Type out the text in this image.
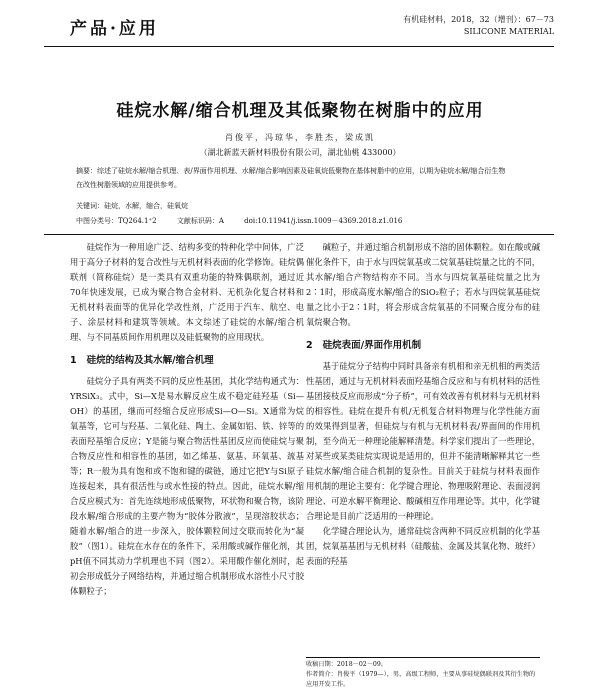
产品·应用	有机硅材料，2018，32（增刊）：67－73
SILICONE MATERIAL
硅烷水解/缩合机理及其低聚物在树脂中的应用
肖俊平，冯琼华，李胜杰，梁成凯
（湖北新蓝天新材料股份有限公司，湖北仙桃 433000）
摘要：综述了硅烷水解/缩合机理、表/界面作用机理、水解/缩合影响因素及硅氧烷低聚物在基体树脂中的应用，以期为硅烷水解/缩合衍生物在改性树脂领域的应用提供参考。
关键词：硅烷，水解，缩合，硅氧烷
中图分类号：TQ264.1⁺2	文献标识码：A	doi:10.11941/j.issn.1009－4369.2018.z1.016

硅烷作为一种用途广泛、结构多变的特种化学中间体，广泛用于高分子材料的复合改性与无机材料表面的化学修饰。硅烷偶联剂（简称硅烷）是一类具有双重功能的特殊偶联剂，通过近70年快速发展，已成为聚合物合金材料、无机杂化复合材料和无机材料表面等的优异化学改性剂，广泛用于汽车、航空、电子、涂层材料和建筑等领域。本文综述了硅烷的水解/缩合机理、与不同基质间作用机理以及硅低聚物的应用现状。

1 硅烷的结构及其水解/缩合机理

硅烷分子具有两类不同的反应性基团，其化学结构通式为：YRSiX₃。式中，Si—X是易水解反应生成不稳定硅羟基（Si—OH）的基团，继而可经缩合反应形成Si—O—Si。X通常为烷氧基等，它可与羟基、二氧化硅、陶土、金属如铝、铁、锌等的表面羟基缩合反应；Y是能与聚合物活性基团反应而使硅烷与聚合物反应性和相容性的基团，如乙烯基、氨基、环氧基、巯基等；R一般为具有饱和或不饱和键的碳链，通过它把Y与Si原子连接起来，具有很活性与或水性接的特点。因此，硅烷水解/缩合反应模式为：首先连续地形成低聚物，环状物和聚合物，该阶段水解/缩合形成的主要产物为“胶体分散液”，呈现溶胶状态；随着水解/缩合的进一步深入，胶体颗粒间过交联而转化为“凝胶”（图1）。硅烷在水存在的条件下，采用酸或碱作催化剂，其pH值不同其动力学机理也不同（图2）。采用酸作催化剂时，起初会形成低分子网络结构，并通过缩合机制形成水溶性小尺寸胶体颗粒子；

碱粒子，并通过缩合机制形成不溶的固体颗粒。如在酸或碱催化条件下，由于水与四烷氧基或二烷氧基硅烷量之比的不同，其水解/缩合产物结构亦不同。当水与四烷氧基硅烷量之比为2∶1时，形成高度水解/缩合的SiO₂粒子；若水与四烷氧基硅烷量之比小于2∶1时，将会形成含烷氧基的不同聚合度分布的硅氧烷聚合物。

2 硅烷表面/界面作用机制

基于硅烷分子结构中同时具备亲有机相和亲无机相的两类活性基团，通过与无机材料表面羟基缩合反应和与有机材料的活性基团接枝反应而形成“分子桥”，可有效改善有机材料与无机材料的相容性。硅烷在提升有机/无机复合材料物理与化学性能方面的效果得到显著，但硅烷与有机与无机材料表/界面间的作用机制，至今尚无一种理论能解释清楚。科学家们提出了一些理论，对某些或某类硅烷实现说是适用的，但并不能清晰解释其它一些硅烷水解/缩合硅合机制的复杂性。目前关于硅烷与材料表面作用机制的理论主要有：化学键合理论、物理吸附理论、表面浸润理论、可逆水解平衡理论、酸碱相互作用理论等。其中，化学键合理论是目前广泛适用的一种理论。

化学键合理论认为，通常硅烷含两种不同反应机制的化学基团，烷氧基基团与无机材料（硅酸盐、金属及其氧化物、玻纤）表面的羟基

收稿日期：2018－02－09。
作者简介：肖俊平（1979—），男，高级工程师，主要从事硅烷偶联剂及其衍生物的应用开发工作。
